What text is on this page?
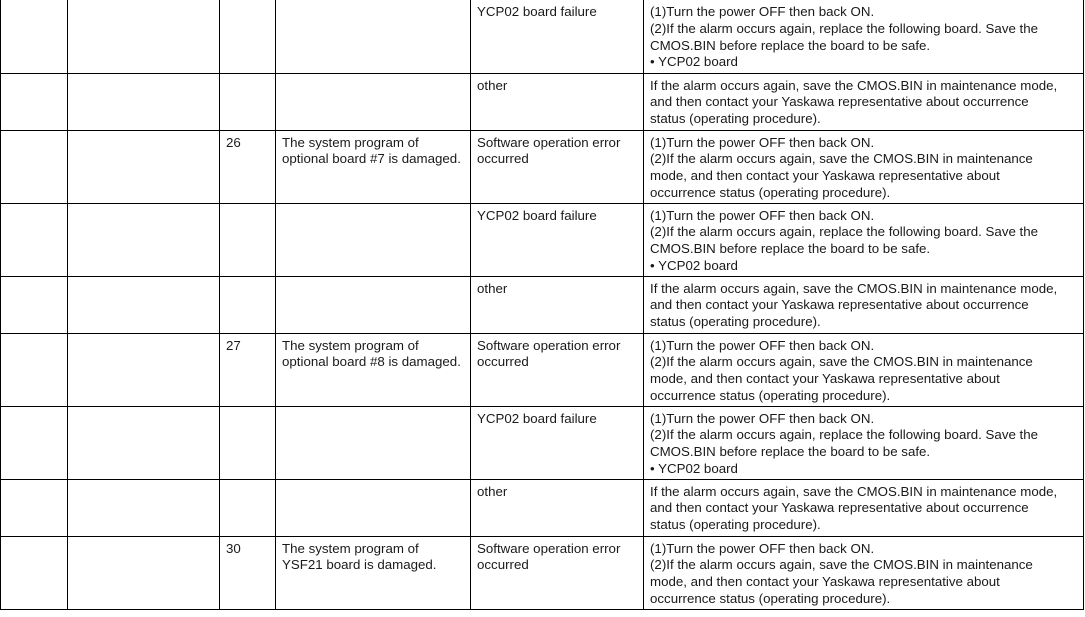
				YCP02 board failure	(1)Turn the power OFF then back ON.
(2)If the alarm occurs again, replace the following board. Save the
CMOS.BIN before replace the board to be safe.
• YCP02 board

				other	If the alarm occurs again, save the CMOS.BIN in maintenance mode,
and then contact your Yaskawa representative about occurrence
status (operating procedure).

		26	The system program of
optional board #7 is damaged.	Software operation error
occurred	(1)Turn the power OFF then back ON.
(2)If the alarm occurs again, save the CMOS.BIN in maintenance
mode, and then contact your Yaskawa representative about
occurrence status (operating procedure).

				YCP02 board failure	(1)Turn the power OFF then back ON.
(2)If the alarm occurs again, replace the following board. Save the
CMOS.BIN before replace the board to be safe.
• YCP02 board

				other	If the alarm occurs again, save the CMOS.BIN in maintenance mode,
and then contact your Yaskawa representative about occurrence
status (operating procedure).

		27	The system program of
optional board #8 is damaged.	Software operation error
occurred	(1)Turn the power OFF then back ON.
(2)If the alarm occurs again, save the CMOS.BIN in maintenance
mode, and then contact your Yaskawa representative about
occurrence status (operating procedure).

				YCP02 board failure	(1)Turn the power OFF then back ON.
(2)If the alarm occurs again, replace the following board. Save the
CMOS.BIN before replace the board to be safe.
• YCP02 board

				other	If the alarm occurs again, save the CMOS.BIN in maintenance mode,
and then contact your Yaskawa representative about occurrence
status (operating procedure).

		30	The system program of
YSF21 board is damaged.	Software operation error
occurred	(1)Turn the power OFF then back ON.
(2)If the alarm occurs again, save the CMOS.BIN in maintenance
mode, and then contact your Yaskawa representative about
occurrence status (operating procedure).
